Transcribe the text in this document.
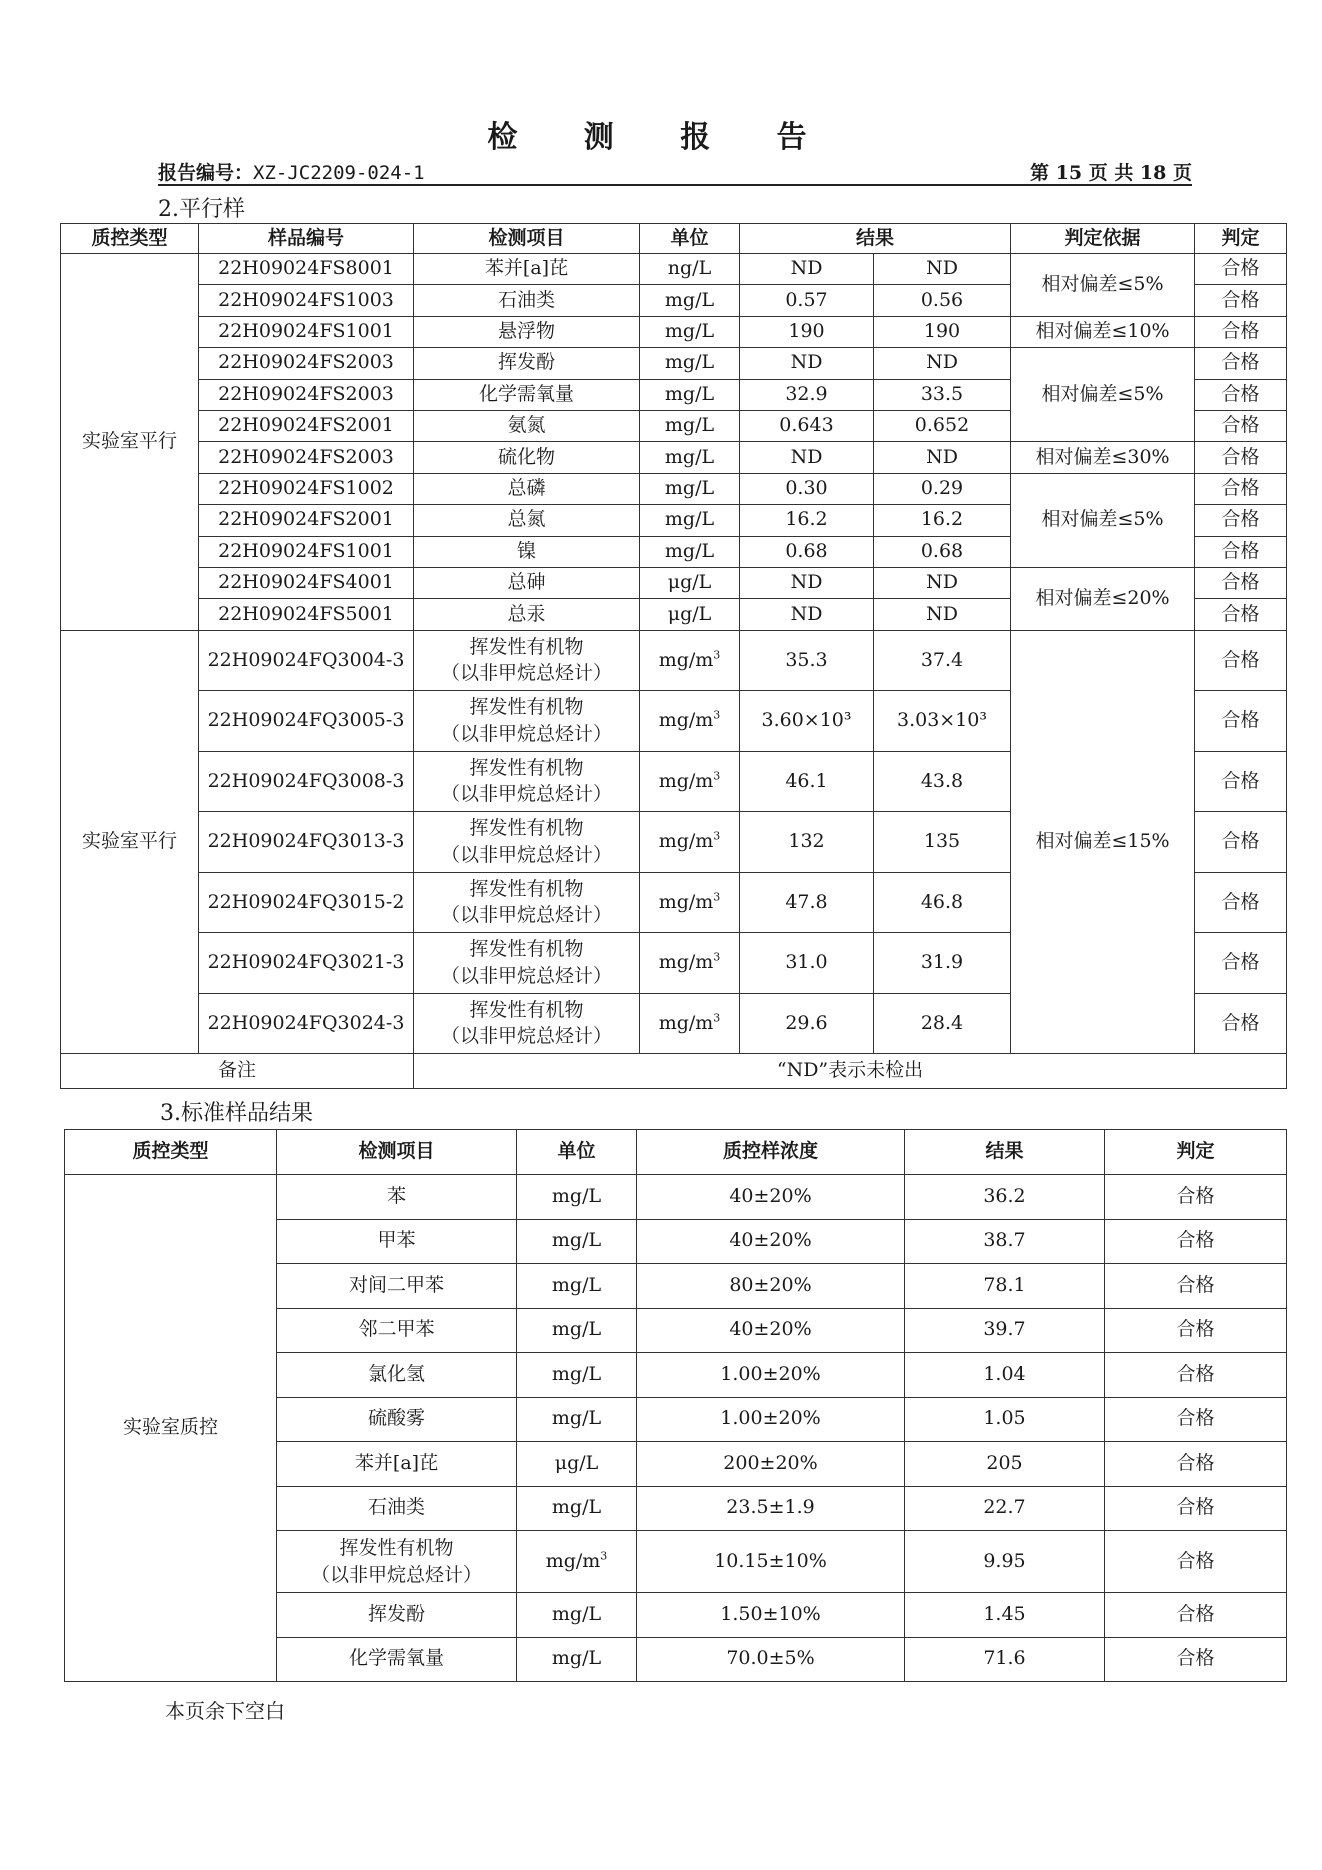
检 测 报 告
报告编号：XZ-JC2209-024-1	第 15 页 共 18 页
2.平行样
质控类型	样品编号	检测项目	单位	结果		判定依据	判定
实验室平行	22H09024FS8001	苯并[a]芘	ng/L	ND	ND	相对偏差≤5%	合格
	22H09024FS1003	石油类	mg/L	0.57	0.56		合格
	22H09024FS1001	悬浮物	mg/L	190	190	相对偏差≤10%	合格
	22H09024FS2003	挥发酚	mg/L	ND	ND	相对偏差≤5%	合格
	22H09024FS2003	化学需氧量	mg/L	32.9	33.5		合格
	22H09024FS2001	氨氮	mg/L	0.643	0.652		合格
	22H09024FS2003	硫化物	mg/L	ND	ND	相对偏差≤30%	合格
	22H09024FS1002	总磷	mg/L	0.30	0.29	相对偏差≤5%	合格
	22H09024FS2001	总氮	mg/L	16.2	16.2		合格
	22H09024FS1001	镍	mg/L	0.68	0.68		合格
	22H09024FS4001	总砷	μg/L	ND	ND	相对偏差≤20%	合格
	22H09024FS5001	总汞	μg/L	ND	ND		合格
实验室平行	22H09024FQ3004-3	挥发性有机物
（以非甲烷总烃计）	$mg/m^3$	35.3	37.4	相对偏差≤15%	合格
	22H09024FQ3005-3	挥发性有机物
（以非甲烷总烃计）	$mg/m^3$	3.60×10³	3.03×10³		合格
	22H09024FQ3008-3	挥发性有机物
（以非甲烷总烃计）	$mg/m^3$	46.1	43.8		合格
	22H09024FQ3013-3	挥发性有机物
（以非甲烷总烃计）	$mg/m^3$	132	135		合格
	22H09024FQ3015-2	挥发性有机物
（以非甲烷总烃计）	$mg/m^3$	47.8	46.8		合格
	22H09024FQ3021-3	挥发性有机物
（以非甲烷总烃计）	$mg/m^3$	31.0	31.9		合格
	22H09024FQ3024-3	挥发性有机物
（以非甲烷总烃计）	$mg/m^3$	29.6	28.4		合格
备注		“ND”表示未检出					
3.标准样品结果
质控类型	检测项目	单位	质控样浓度	结果	判定
实验室质控	苯	mg/L	40±20%	36.2	合格
	甲苯	mg/L	40±20%	38.7	合格
	对间二甲苯	mg/L	80±20%	78.1	合格
	邻二甲苯	mg/L	40±20%	39.7	合格
	氯化氢	mg/L	1.00±20%	1.04	合格
	硫酸雾	mg/L	1.00±20%	1.05	合格
	苯并[a]芘	μg/L	200±20%	205	合格
	石油类	mg/L	23.5±1.9	22.7	合格
	挥发性有机物
（以非甲烷总烃计）	$mg/m^3$	10.15±10%	9.95	合格
	挥发酚	mg/L	1.50±10%	1.45	合格
	化学需氧量	mg/L	70.0±5%	71.6	合格
本页余下空白
